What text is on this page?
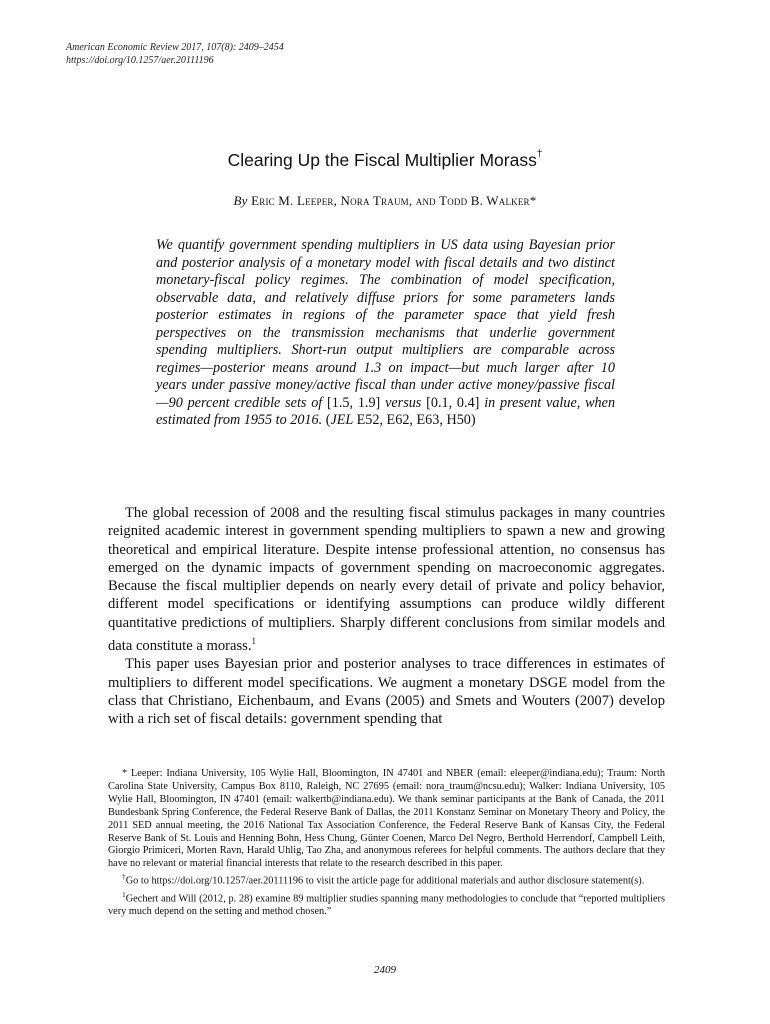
American Economic Review 2017, 107(8): 2409–2454
https://doi.org/10.1257/aer.20111196
Clearing Up the Fiscal Multiplier Morass†
By Eric M. Leeper, Nora Traum, and Todd B. Walker*

We quantify government spending multipliers in US data using Bayesian prior and posterior analysis of a monetary model with fiscal details and two distinct monetary-fiscal policy regimes. The combination of model specification, observable data, and relatively diffuse priors for some parameters lands posterior estimates in regions of the parameter space that yield fresh perspectives on the transmission mechanisms that underlie government spending multipliers. Short-run output multipliers are comparable across regimes—posterior means around 1.3 on impact—but much larger after 10 years under passive money/active fiscal than under active money/passive fiscal—90 percent credible sets of [1.5, 1.9] versus [0.1, 0.4] in present value, when estimated from 1955 to 2016. (JEL E52, E62, E63, H50)

The global recession of 2008 and the resulting fiscal stimulus packages in many countries reignited academic interest in government spending multipliers to spawn a new and growing theoretical and empirical literature. Despite intense professional attention, no consensus has emerged on the dynamic impacts of government spending on macroeconomic aggregates. Because the fiscal multiplier depends on nearly every detail of private and policy behavior, different model specifications or identifying assumptions can produce wildly different quantitative predictions of multipliers. Sharply different conclusions from similar models and data constitute a morass.$^1$

This paper uses Bayesian prior and posterior analyses to trace differences in estimates of multipliers to different model specifications. We augment a monetary DSGE model from the class that Christiano, Eichenbaum, and Evans (2005) and Smets and Wouters (2007) develop with a rich set of fiscal details: government spending that

* Leeper: Indiana University, 105 Wylie Hall, Bloomington, IN 47401 and NBER (email: eleeper@indiana.edu); Traum: North Carolina State University, Campus Box 8110, Raleigh, NC 27695 (email: nora_traum@ncsu.edu); Walker: Indiana University, 105 Wylie Hall, Bloomington, IN 47401 (email: walkertb@indiana.edu). We thank seminar participants at the Bank of Canada, the 2011 Bundesbank Spring Conference, the Federal Reserve Bank of Dallas, the 2011 Konstanz Seminar on Monetary Theory and Policy, the 2011 SED annual meeting, the 2016 National Tax Association Conference, the Federal Reserve Bank of Kansas City, the Federal Reserve Bank of St. Louis and Henning Bohn, Hess Chung, Günter Coenen, Marco Del Negro, Berthold Herrendorf, Campbell Leith, Giorgio Primiceri, Morten Ravn, Harald Uhlig, Tao Zha, and anonymous referees for helpful comments. The authors declare that they have no relevant or material financial interests that relate to the research described in this paper.

†Go to https://doi.org/10.1257/aer.20111196 to visit the article page for additional materials and author disclosure statement(s).

$^1$Gechert and Will (2012, p. 28) examine 89 multiplier studies spanning many methodologies to conclude that “reported multipliers very much depend on the setting and method chosen.”

2409
